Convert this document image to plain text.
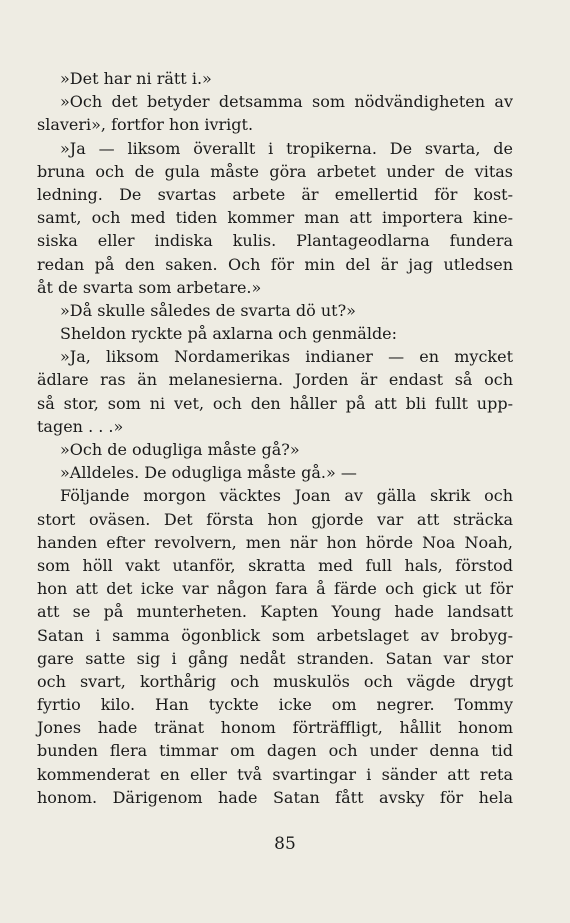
»Det har ni rätt i.»
»Och det betyder detsamma som nödvändigheten av
slaveri», fortfor hon ivrigt.
»Ja — liksom överallt i tropikerna. De svarta, de
bruna och de gula måste göra arbetet under de vitas
ledning. De svartas arbete är emellertid för kost-
samt, och med tiden kommer man att importera kine-
siska eller indiska kulis. Plantageodlarna fundera
redan på den saken. Och för min del är jag utledsen
åt de svarta som arbetare.»
»Då skulle således de svarta dö ut?»
Sheldon ryckte på axlarna och genmälde:
»Ja, liksom Nordamerikas indianer — en mycket
ädlare ras än melanesierna. Jorden är endast så och
så stor, som ni vet, och den håller på att bli fullt upp-
tagen . . .»
»Och de odugliga måste gå?»
»Alldeles. De odugliga måste gå.» —
Följande morgon väcktes Joan av gälla skrik och
stort oväsen. Det första hon gjorde var att sträcka
handen efter revolvern, men när hon hörde Noa Noah,
som höll vakt utanför, skratta med full hals, förstod
hon att det icke var någon fara å färde och gick ut för
att se på munterheten. Kapten Young hade landsatt
Satan i samma ögonblick som arbetslaget av brobyg-
gare satte sig i gång nedåt stranden. Satan var stor
och svart, korthårig och muskulös och vägde drygt
fyrtio kilo. Han tyckte icke om negrer. Tommy
Jones hade tränat honom förträffligt, hållit honom
bunden flera timmar om dagen och under denna tid
kommenderat en eller två svartingar i sänder att reta
honom. Därigenom hade Satan fått avsky för hela
85
